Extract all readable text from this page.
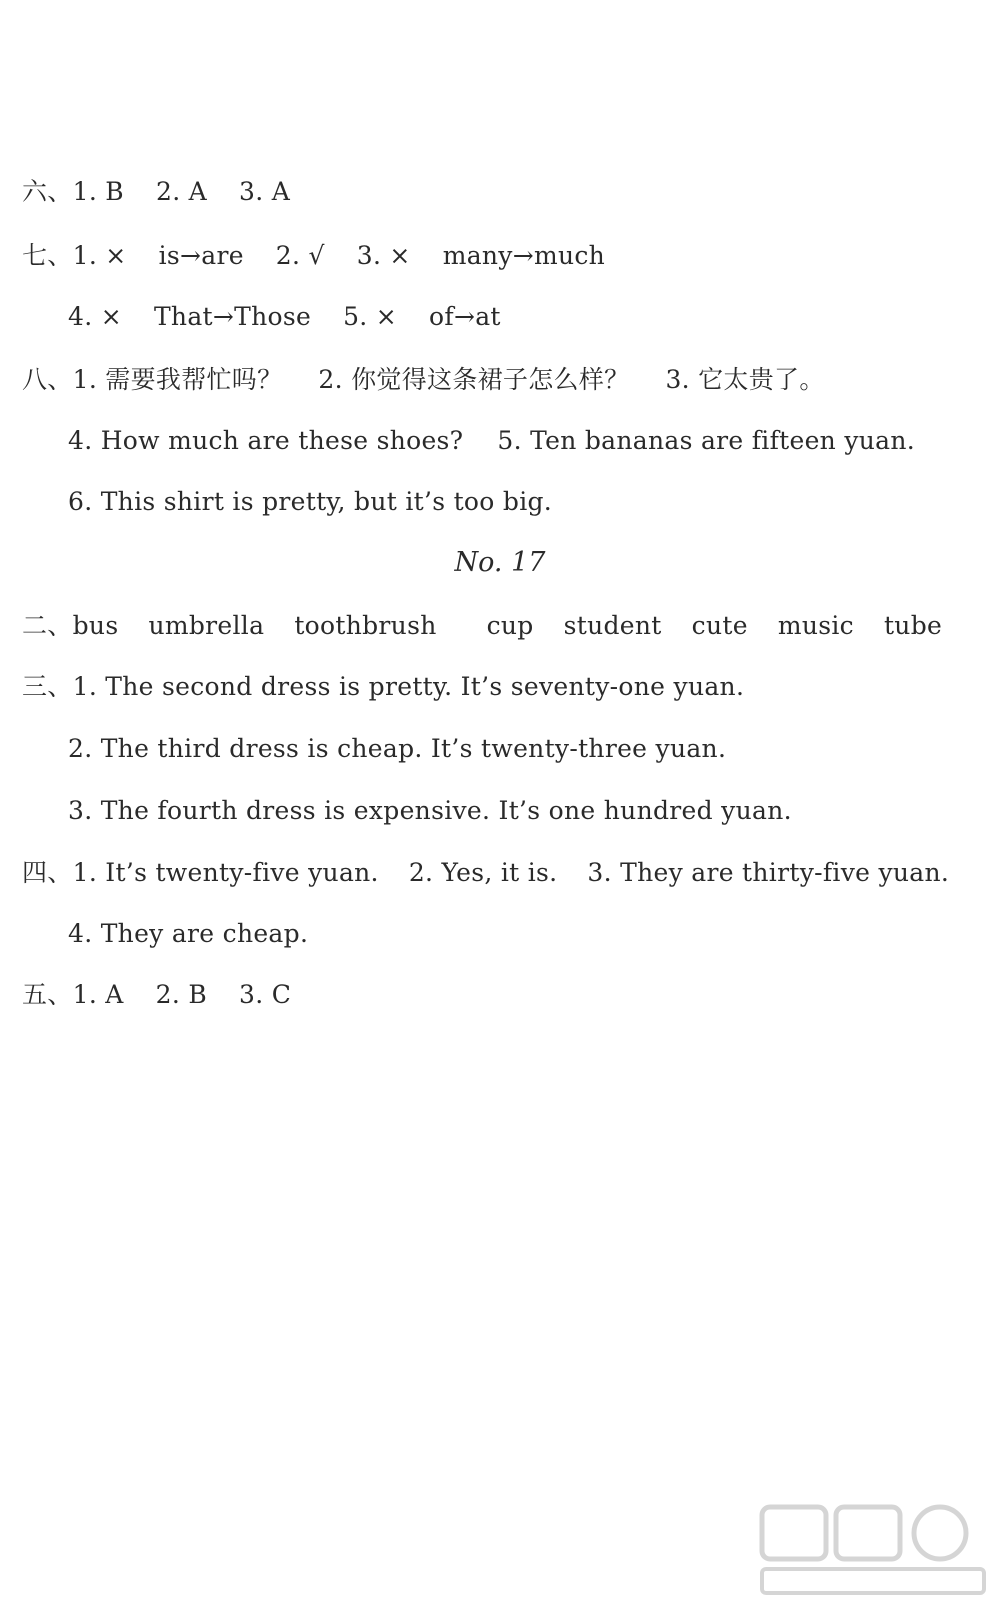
六、1. B 2. A 3. A
七、1. × is→are 2. √ 3. × many→much
4. × That→Those 5. × of→at
八、1. 需要我帮忙吗？ 2. 你觉得这条裙子怎么样？ 3. 它太贵了。
4. How much are these shoes? 5. Ten bananas are fifteen yuan.
6. This shirt is pretty, but it’s too big.
No. 17
二、bus umbrella toothbrush cup student cute music tube
三、1. The second dress is pretty. It’s seventy-one yuan.
2. The third dress is cheap. It’s twenty-three yuan.
3. The fourth dress is expensive. It’s one hundred yuan.
四、1. It’s twenty-five yuan. 2. Yes, it is. 3. They are thirty-five yuan.
4. They are cheap.
五、1. A 2. B 3. C
